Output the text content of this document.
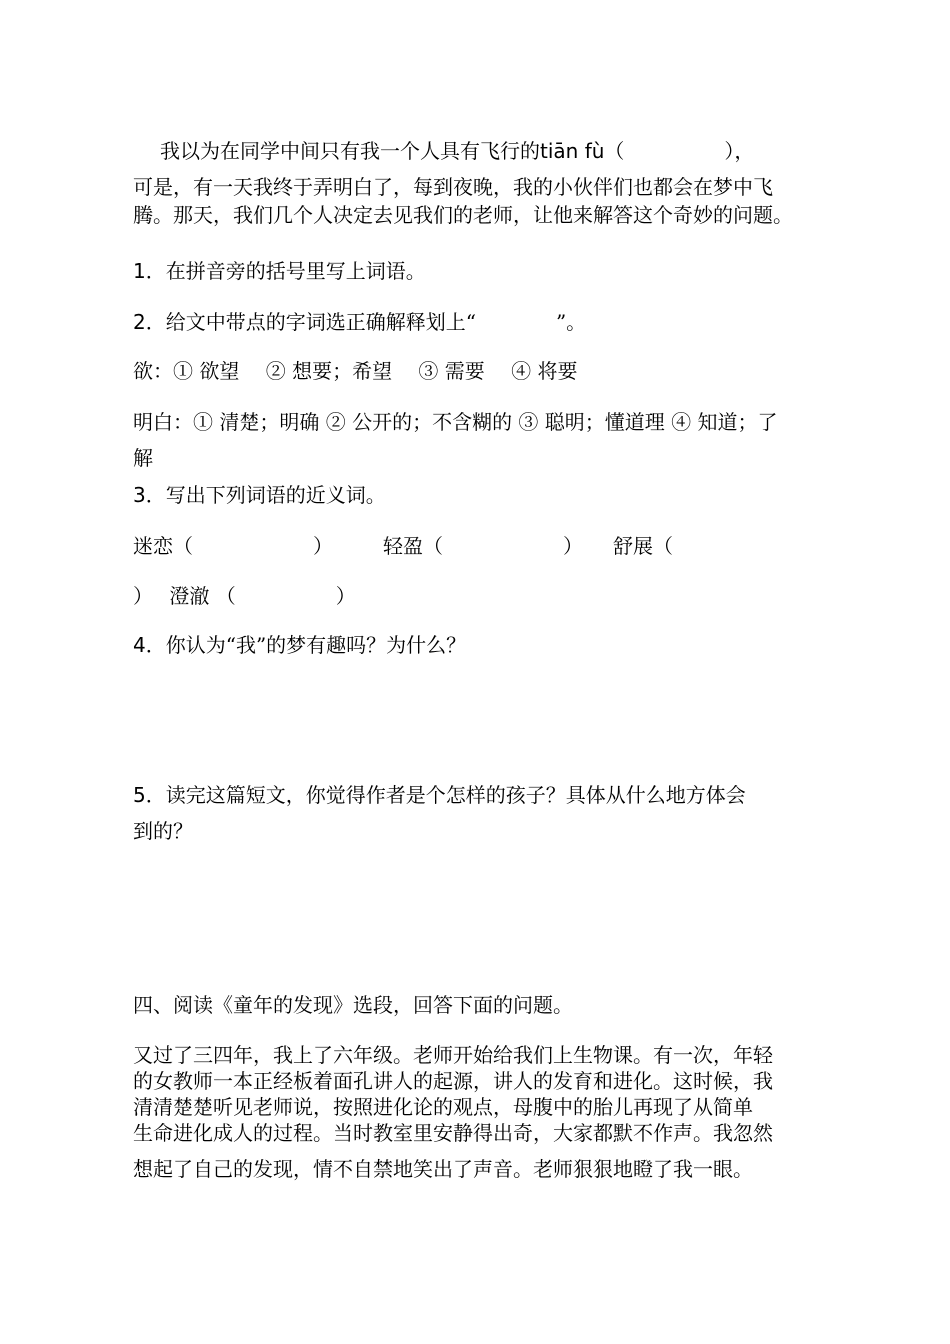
我以为在同学中间只有我一个人具有飞行的tiān fù（	），
可是，有一天我终于弄明白了，每到夜晚，我的小伙伴们也都会在梦中飞
腾。那天，我们几个人决定去见我们的老师，让他来解答这个奇妙的问题。
1．在拼音旁的括号里写上词语。
2．给文中带点的字词选正确解释划上“　　　　”。
欲：① 欲望　 ② 想要；希望　 ③ 需要　 ④ 将要
明白：① 清楚；明确 ② 公开的；不含糊的 ③ 聪明；懂道理 ④ 知道；了
解
3．写出下列词语的近义词。
迷恋（　　　　　　）　　　轻盈（　　　　　　）　　舒展（
）　 澄澈 （　　　　　）
4．你认为“我”的梦有趣吗？为什么？
5．读完这篇短文，你觉得作者是个怎样的孩子？具体从什么地方体会
到的？
四、阅读《童年的发现》选段，回答下面的问题。
又过了三四年，我上了六年级。老师开始给我们上生物课。有一次，年轻
的女教师一本正经板着面孔讲人的起源，讲人的发育和进化。这时候，我
清清楚楚听见老师说，按照进化论的观点，母腹中的胎儿再现了从简单
生命进化成人的过程。当时教室里安静得出奇，大家都默不作声。我忽然
想起了自己的发现，情不自禁地笑出了声音。老师狠狠地瞪了我一眼。
